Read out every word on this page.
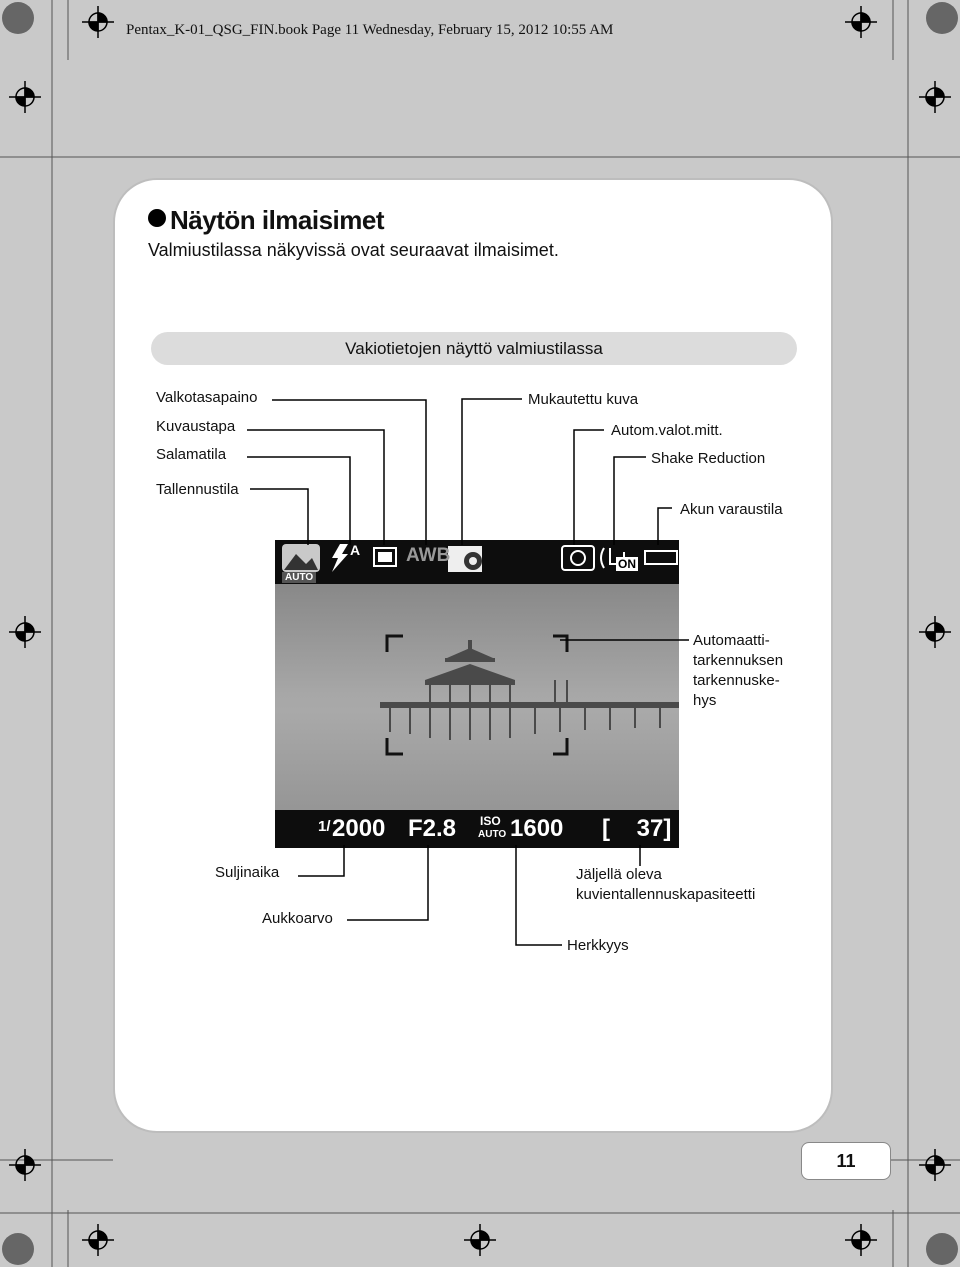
Pentax_K-01_QSG_FIN.book Page 11 Wednesday, February 15, 2012 10:55 AM
Näytön ilmaisimet
Valmiustilassa näkyvissä ovat seuraavat ilmaisimet.
Vakiotietojen näyttö valmiustilassa
AUTO
A AWB	ON
1/ 2000 F2.8 ISO
AUTO 1600 [    37]
Valkotasapaino
Kuvaustapa
Salamatila
Tallennustila
Mukautettu kuva
Autom.valot.mitt.
Shake Reduction
Akun varaustila
Automaatti-
tarkennuksen
tarkennuske-
hys
Suljinaika
Aukkoarvo
Herkkyys
Jäljellä oleva
kuvientallennuskapasiteetti
11
